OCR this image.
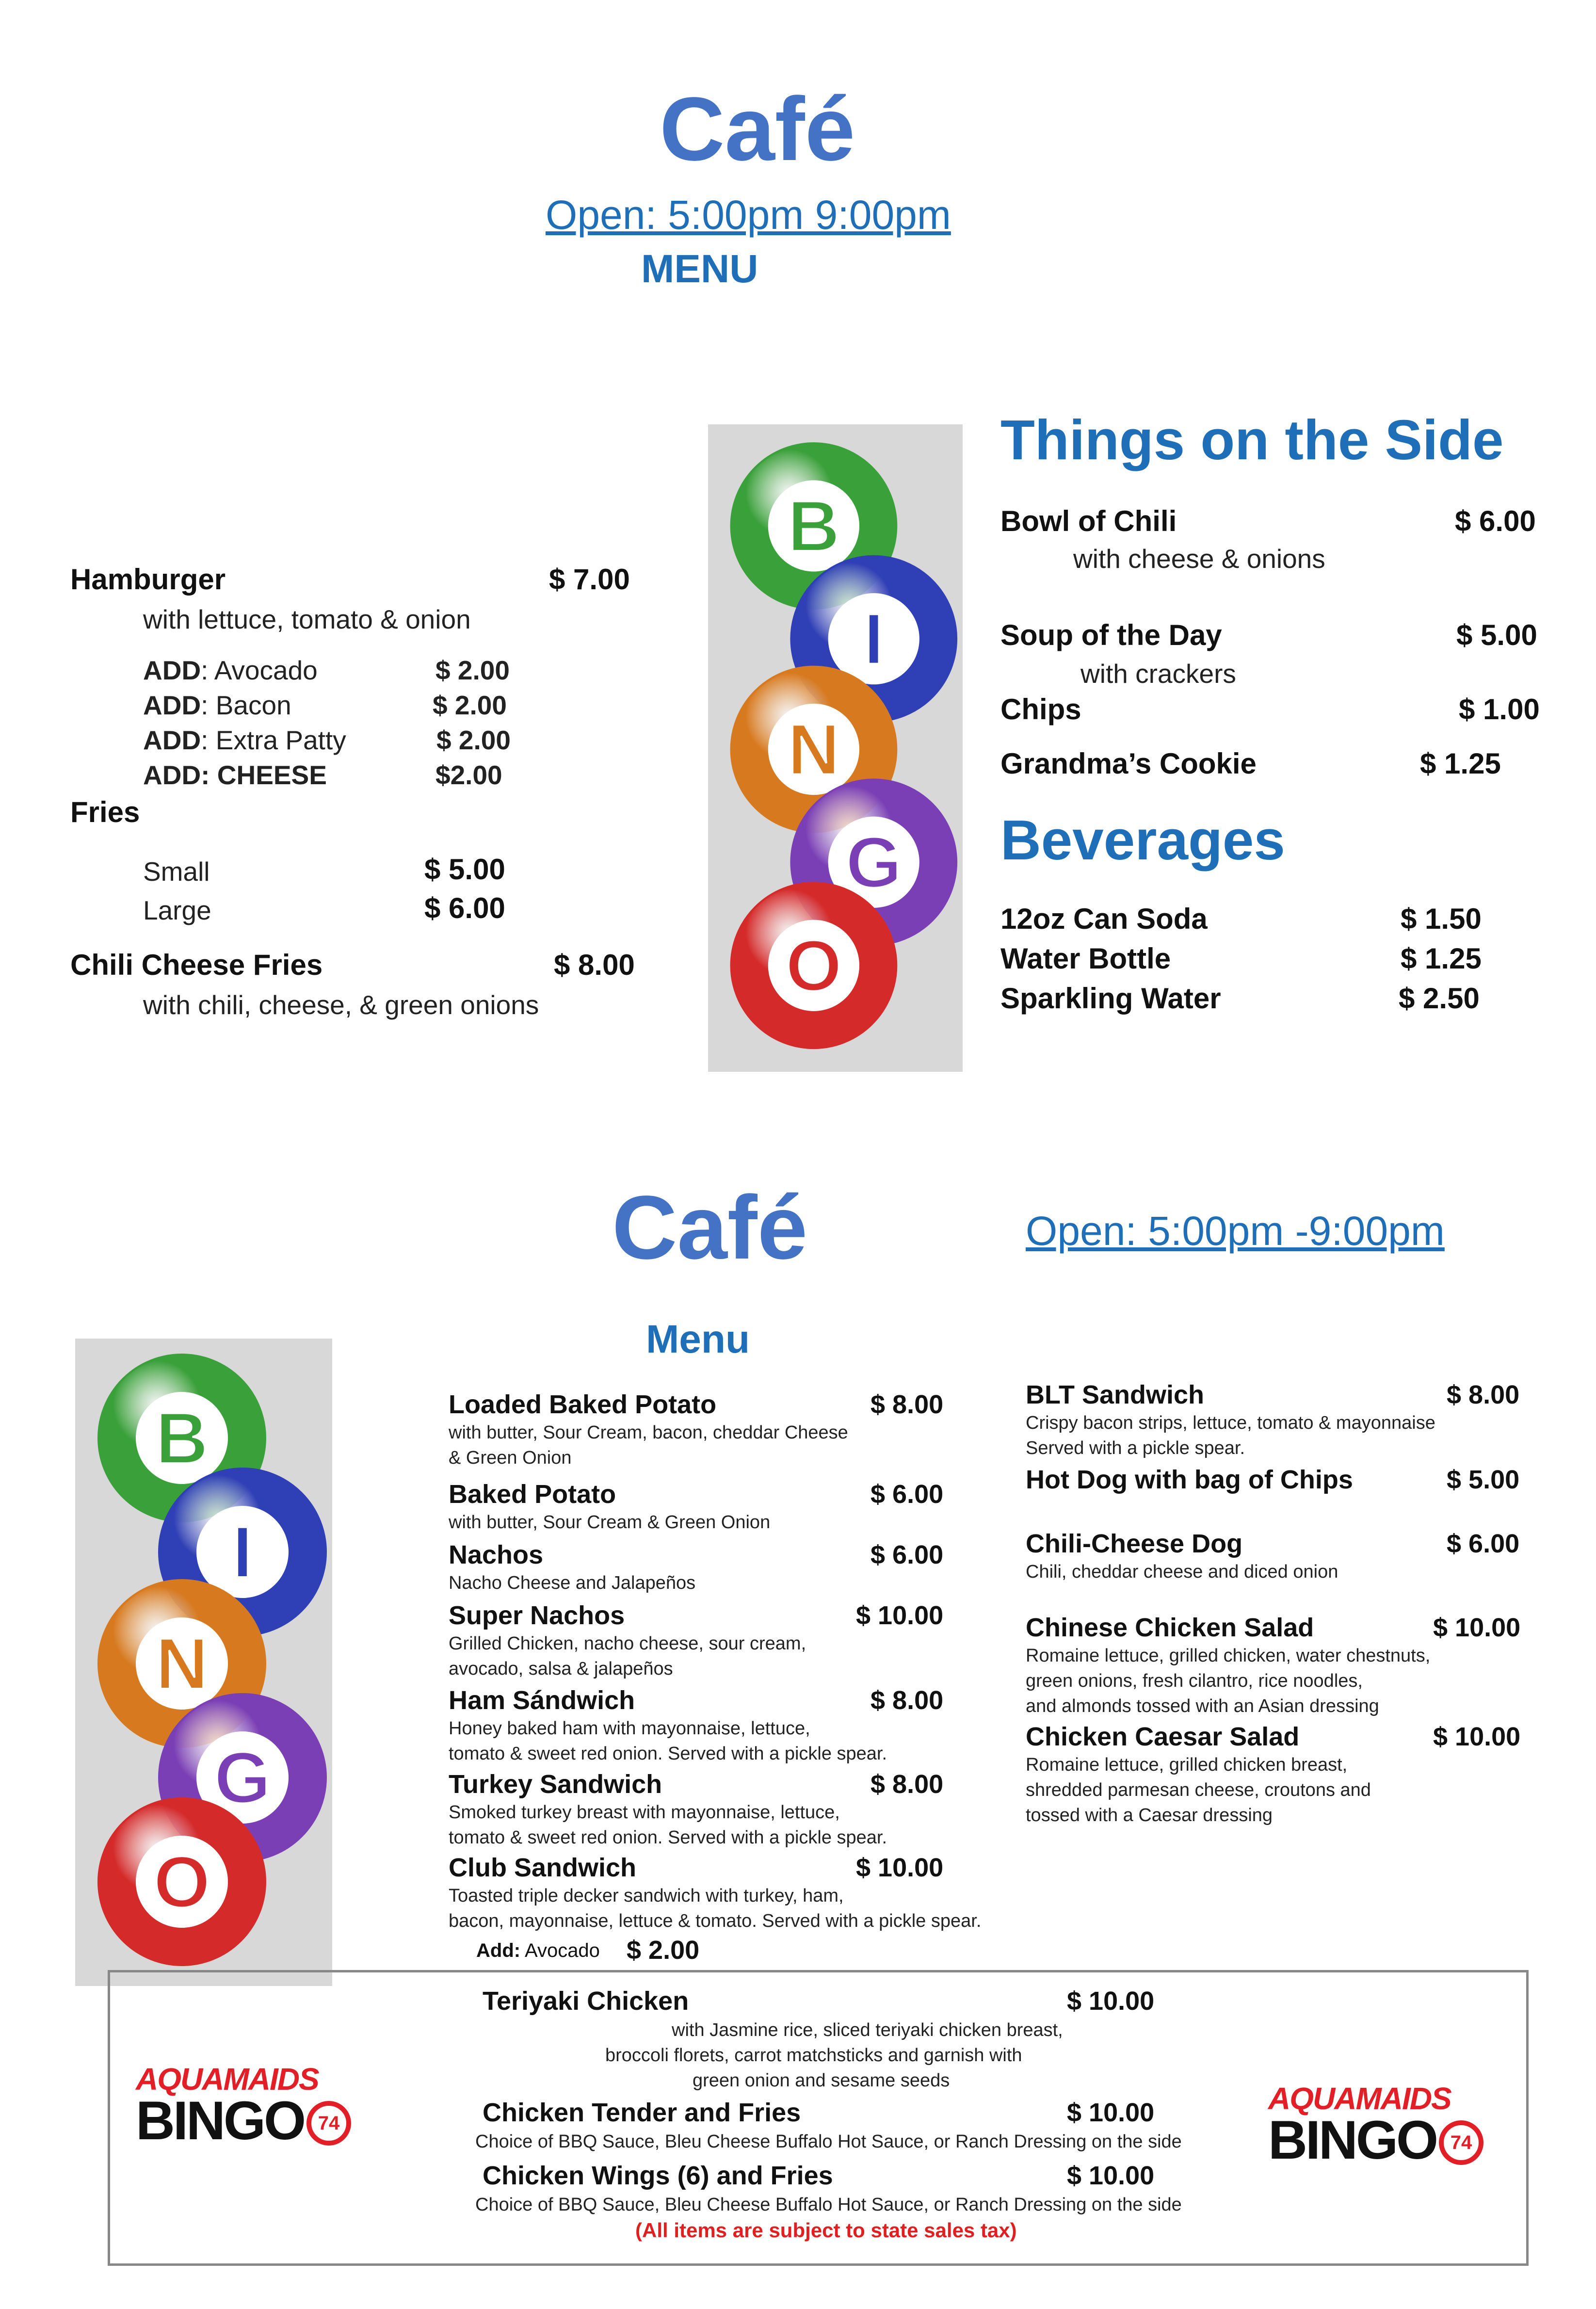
Café
Open: 5:00pm 9:00pm
MENU
Hamburger	$ 7.00
with lettuce, tomato & onion
ADD: Avocado	$ 2.00
ADD: Bacon	$ 2.00
ADD: Extra Patty	$ 2.00
ADD: CHEESE	$2.00
Fries
Small	$ 5.00
Large	$ 6.00
Chili Cheese Fries	$ 8.00
with chili, cheese, & green onions
B
I
N
G
O
Things on the Side
Bowl of Chili	$ 6.00
with cheese & onions
Soup of the Day	$ 5.00
with crackers
Chips	$ 1.00
Grandma’s Cookie	$ 1.25
Beverages
12oz Can Soda	$ 1.50
Water Bottle	$ 1.25
Sparkling Water	$ 2.50
Café	Open: 5:00pm -9:00pm
Menu
B
I
N
G
O
Add: Avocado $ 2.00
(All items are subject to state sales tax)
AQUAMAIDS
BINGO 74
AQUAMAIDS
BINGO 74
Loaded Baked Potato	$ 8.00
with butter, Sour Cream, bacon, cheddar Cheese
& Green Onion
Baked Potato	$ 6.00
with butter, Sour Cream & Green Onion
Nachos	$ 6.00
Nacho Cheese and Jalapeños
Super Nachos	$ 10.00
Grilled Chicken, nacho cheese, sour cream,
avocado, salsa & jalapeños
Ham Sándwich	$ 8.00
Honey baked ham with mayonnaise, lettuce,
tomato & sweet red onion. Served with a pickle spear.
Turkey Sandwich	$ 8.00
Smoked turkey breast with mayonnaise, lettuce,
tomato & sweet red onion. Served with a pickle spear.
Club Sandwich	$ 10.00
Toasted triple decker sandwich with turkey, ham,
bacon, mayonnaise, lettuce & tomato. Served with a pickle spear.
BLT Sandwich	$ 8.00
Crispy bacon strips, lettuce, tomato & mayonnaise
Served with a pickle spear.
Hot Dog with bag of Chips	$ 5.00
Chili-Cheese Dog	$ 6.00
Chili, cheddar cheese and diced onion
Chinese Chicken Salad	$ 10.00
Romaine lettuce, grilled chicken, water chestnuts,
green onions, fresh cilantro, rice noodles,
and almonds tossed with an Asian dressing
Chicken Caesar Salad	$ 10.00
Romaine lettuce, grilled chicken breast,
shredded parmesan cheese, croutons and
tossed with a Caesar dressing
Teriyaki Chicken	$ 10.00
with Jasmine rice, sliced teriyaki chicken breast,
broccoli florets, carrot matchsticks and garnish with
green onion and sesame seeds
Chicken Tender and Fries	$ 10.00
Choice of BBQ Sauce, Bleu Cheese Buffalo Hot Sauce, or Ranch Dressing on the side
Chicken Wings (6) and Fries	$ 10.00
Choice of BBQ Sauce, Bleu Cheese Buffalo Hot Sauce, or Ranch Dressing on the side
